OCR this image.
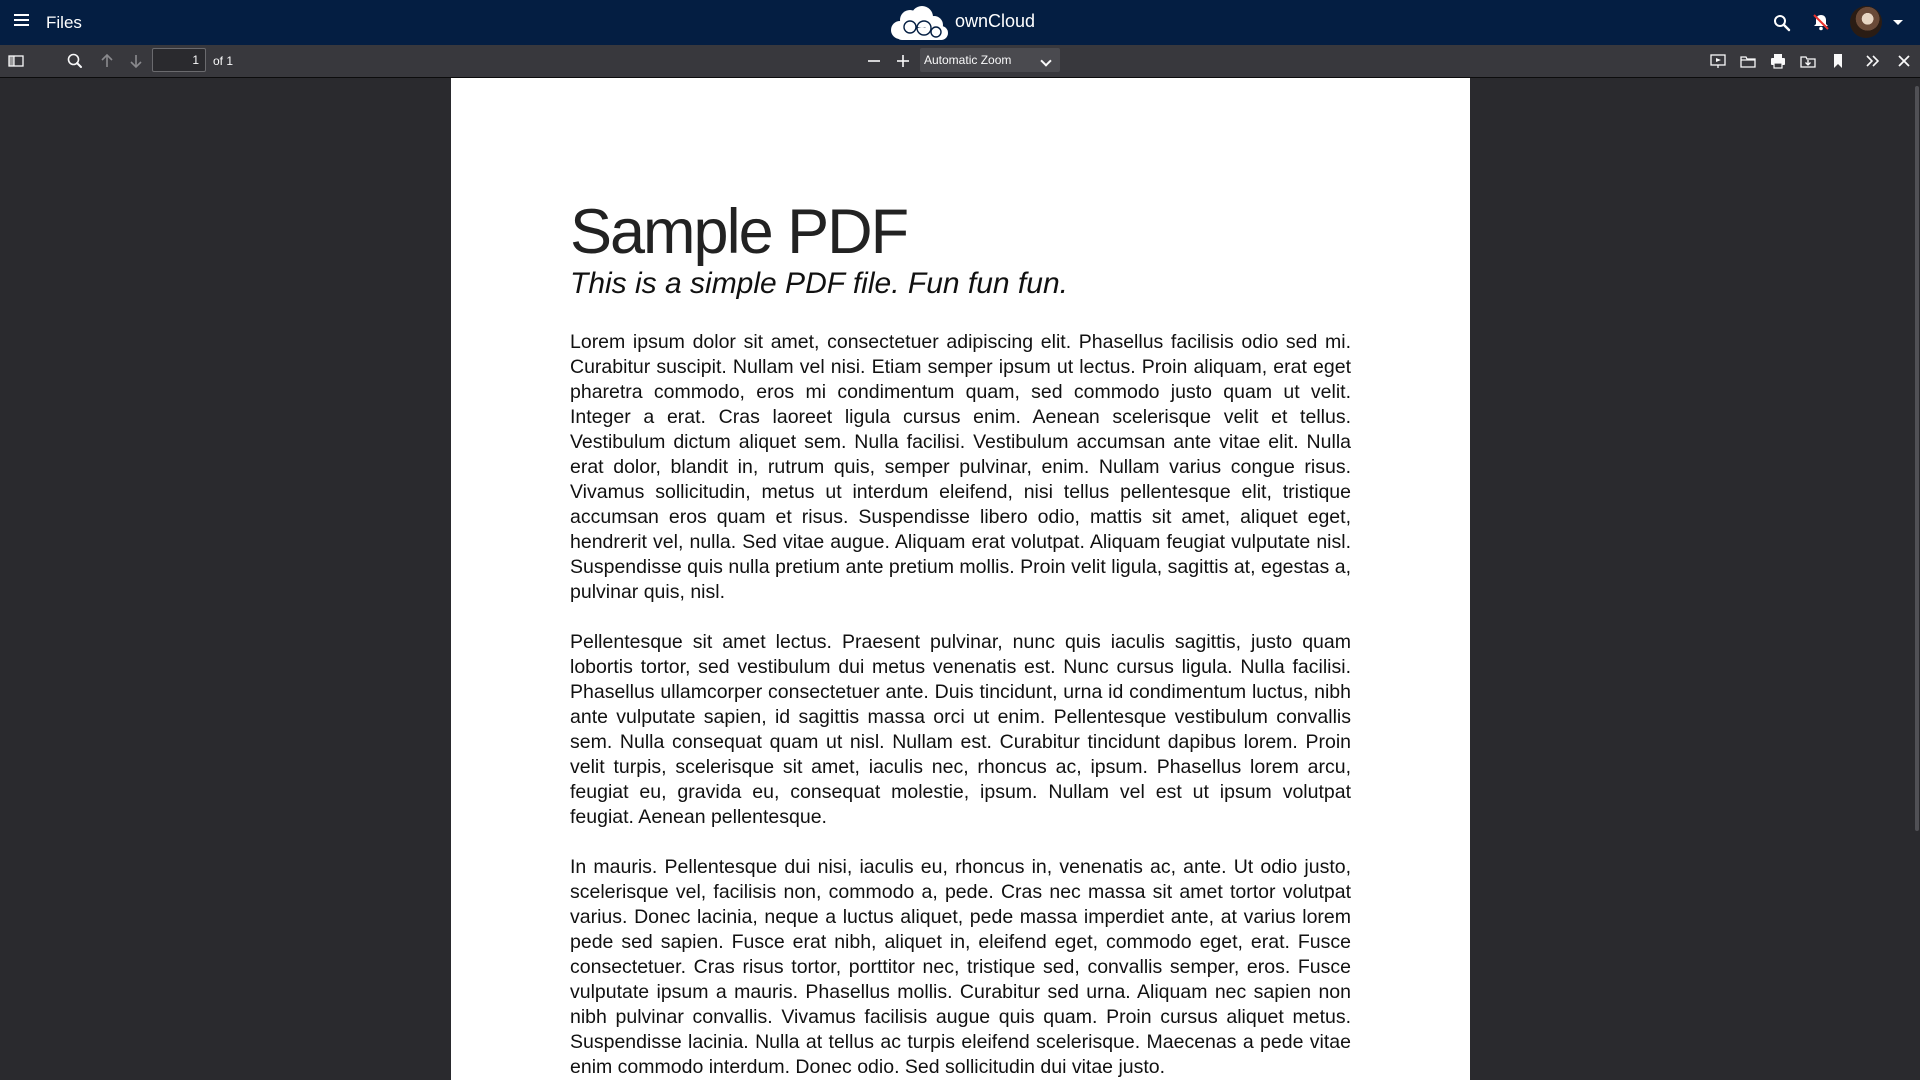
Files	ownCloud
1
of 1	Automatic Zoom
Sample PDF

This is a simple PDF file. Fun fun fun.

Lorem ipsum dolor sit amet, consectetuer adipiscing elit. Phasellus facilisis odio sed mi. Curabitur suscipit. Nullam vel nisi. Etiam semper ipsum ut lectus. Proin aliquam, erat eget pharetra commodo, eros mi condimentum quam, sed commodo justo quam ut velit. Integer a erat. Cras laoreet ligula cursus enim. Aenean scelerisque velit et tellus. Vestibulum dictum aliquet sem. Nulla facilisi. Vestibulum accumsan ante vitae elit. Nulla erat dolor, blandit in, rutrum quis, semper pulvinar, enim. Nullam varius congue risus. Vivamus sollicitudin, metus ut interdum eleifend, nisi tellus pellentesque elit, tristique accumsan eros quam et risus. Suspendisse libero odio, mattis sit amet, aliquet eget, hendrerit vel, nulla. Sed vitae augue. Aliquam erat volutpat. Aliquam feugiat vulputate nisl. Suspendisse quis nulla pretium ante pretium mollis. Proin velit ligula, sagittis at, egestas a, pulvinar quis, nisl.

Pellentesque sit amet lectus. Praesent pulvinar, nunc quis iaculis sagittis, justo quam lobortis tortor, sed vestibulum dui metus venenatis est. Nunc cursus ligula. Nulla facilisi. Phasellus ullamcorper consectetuer ante. Duis tincidunt, urna id condimentum luctus, nibh ante vulputate sapien, id sagittis massa orci ut enim. Pellentesque vestibulum convallis sem. Nulla consequat quam ut nisl. Nullam est. Curabitur tincidunt dapibus lorem. Proin velit turpis, scelerisque sit amet, iaculis nec, rhoncus ac, ipsum. Phasellus lorem arcu, feugiat eu, gravida eu, consequat molestie, ipsum. Nullam vel est ut ipsum volutpat feugiat. Aenean pellentesque.

In mauris. Pellentesque dui nisi, iaculis eu, rhoncus in, venenatis ac, ante. Ut odio justo, scelerisque vel, facilisis non, commodo a, pede. Cras nec massa sit amet tortor volutpat varius. Donec lacinia, neque a luctus aliquet, pede massa imperdiet ante, at varius lorem pede sed sapien. Fusce erat nibh, aliquet in, eleifend eget, commodo eget, erat. Fusce consectetuer. Cras risus tortor, porttitor nec, tristique sed, convallis semper, eros. Fusce vulputate ipsum a mauris. Phasellus mollis. Curabitur sed urna. Aliquam nec sapien non nibh pulvinar convallis. Vivamus facilisis augue quis quam. Proin cursus aliquet metus. Suspendisse lacinia. Nulla at tellus ac turpis eleifend scelerisque. Maecenas a pede vitae enim commodo interdum. Donec odio. Sed sollicitudin dui vitae justo.
